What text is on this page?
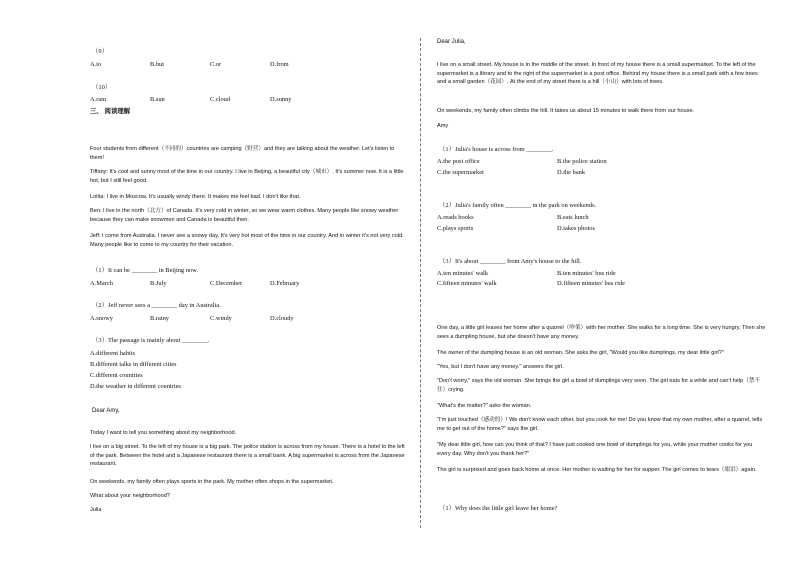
（9）
A.to	B.but	C.or	D.from
（10）
A.rain	B.sun	C.cloud	D.sunny
三、 阅读理解
Four students from different（不同的）countries are camping（野营）and they are talking about the weather. Let's listen to them!
Tiffany: It's cool and sunny most of the time in our country. I live in Beijing, a beautiful city（城市）. It's summer now. It is a little hot, but I still feel good.
Lolita: I live in Moscow. It's usually windy there. It makes me feel bad. I don't like that.
Ben: I live in the north（北方）of Canada. It's very cold in winter, so we wear warm clothes. Many people like snowy weather because they can make snowmen and Canada is beautiful then.
Jeff: I come from Australia. I never see a snowy day. It's very hot most of the time in our country. And in winter it's not very cold. Many people like to come to my country for their vacation.
（1）It can be ________ in Beijing now.
A.March	B.July	C.December	D.February
（2）Jeff never sees a ________ day in Australia.
A.snowy	B.rainy	C.windy	D.cloudy
（3）The passage is mainly about ________.
A.different habits
B.different talks in different cities
C.different countries
D.the weather in different countries
Dear Amy,
Today I want to tell you something about my neighborhood.
I live on a big street. To the left of my house is a big park. The police station is across from my house. There is a hotel to the left of the park. Between the hotel and a Japanese restaurant there is a small bank. A big supermarket is across from the Japanese restaurant.
On weekends, my family often plays sports in the park. My mother often shops in the supermarket.
What about your neighborhood?
Julia
Dear Julia,
I live on a small street. My house is in the middle of the street. In front of my house there is a small supermarket. To the left of the supermarket is a library and to the right of the supermarket is a post office. Behind my house there is a small park with a few trees and a small garden（花园）. At the end of my street there is a hill（小山）with lots of trees.
On weekends, my family often climbs the hill. It takes us about 15 minutes to walk there from our house.
Amy
（1）Julia's house is across from ________.
A.the post office	B.the police station
C.the supermarket	D.the bank
（2）Julia's family often ________ in the park on weekends.
A.reads books	B.eats lunch
C.plays sports	D.takes photos
（3）It's about ________ from Amy's house to the hill.
A.ten minutes' walk	B.ten minutes' bus ride
C.fifteen minutes' walk	D.fifteen minutes' bus ride
One day, a little girl leaves her home after a quarrel（吵架）with her mother. She walks for a long time. She is very hungry. Then she sees a dumpling house, but she doesn't have any money.
The owner of the dumpling house is an old woman. She asks the girl, "Would you like dumplings, my dear little girl?"
"Yes, but I don't have any money." answers the girl.
"Don't worry," says the old woman. She brings the girl a bowl of dumplings very soon. The girl eats for a while and can't help（禁不住）crying.
"What's the matter?" asks the woman.
"I'm just touched（感动的）! We don't know each other, but you cook for me! Do you know that my own mother, after a quarrel, tells me to get out of the home?" says the girl.
"My dear little girl, how can you think of that? I have just cooked one bowl of dumplings for you, while your mother cooks for you every day. Why don't you thank her?"
The girl is surprised and goes back home at once. Her mother is waiting for her for supper. The girl comes to tears（眼泪）again.
（1）Why does the little girl leave her home?
